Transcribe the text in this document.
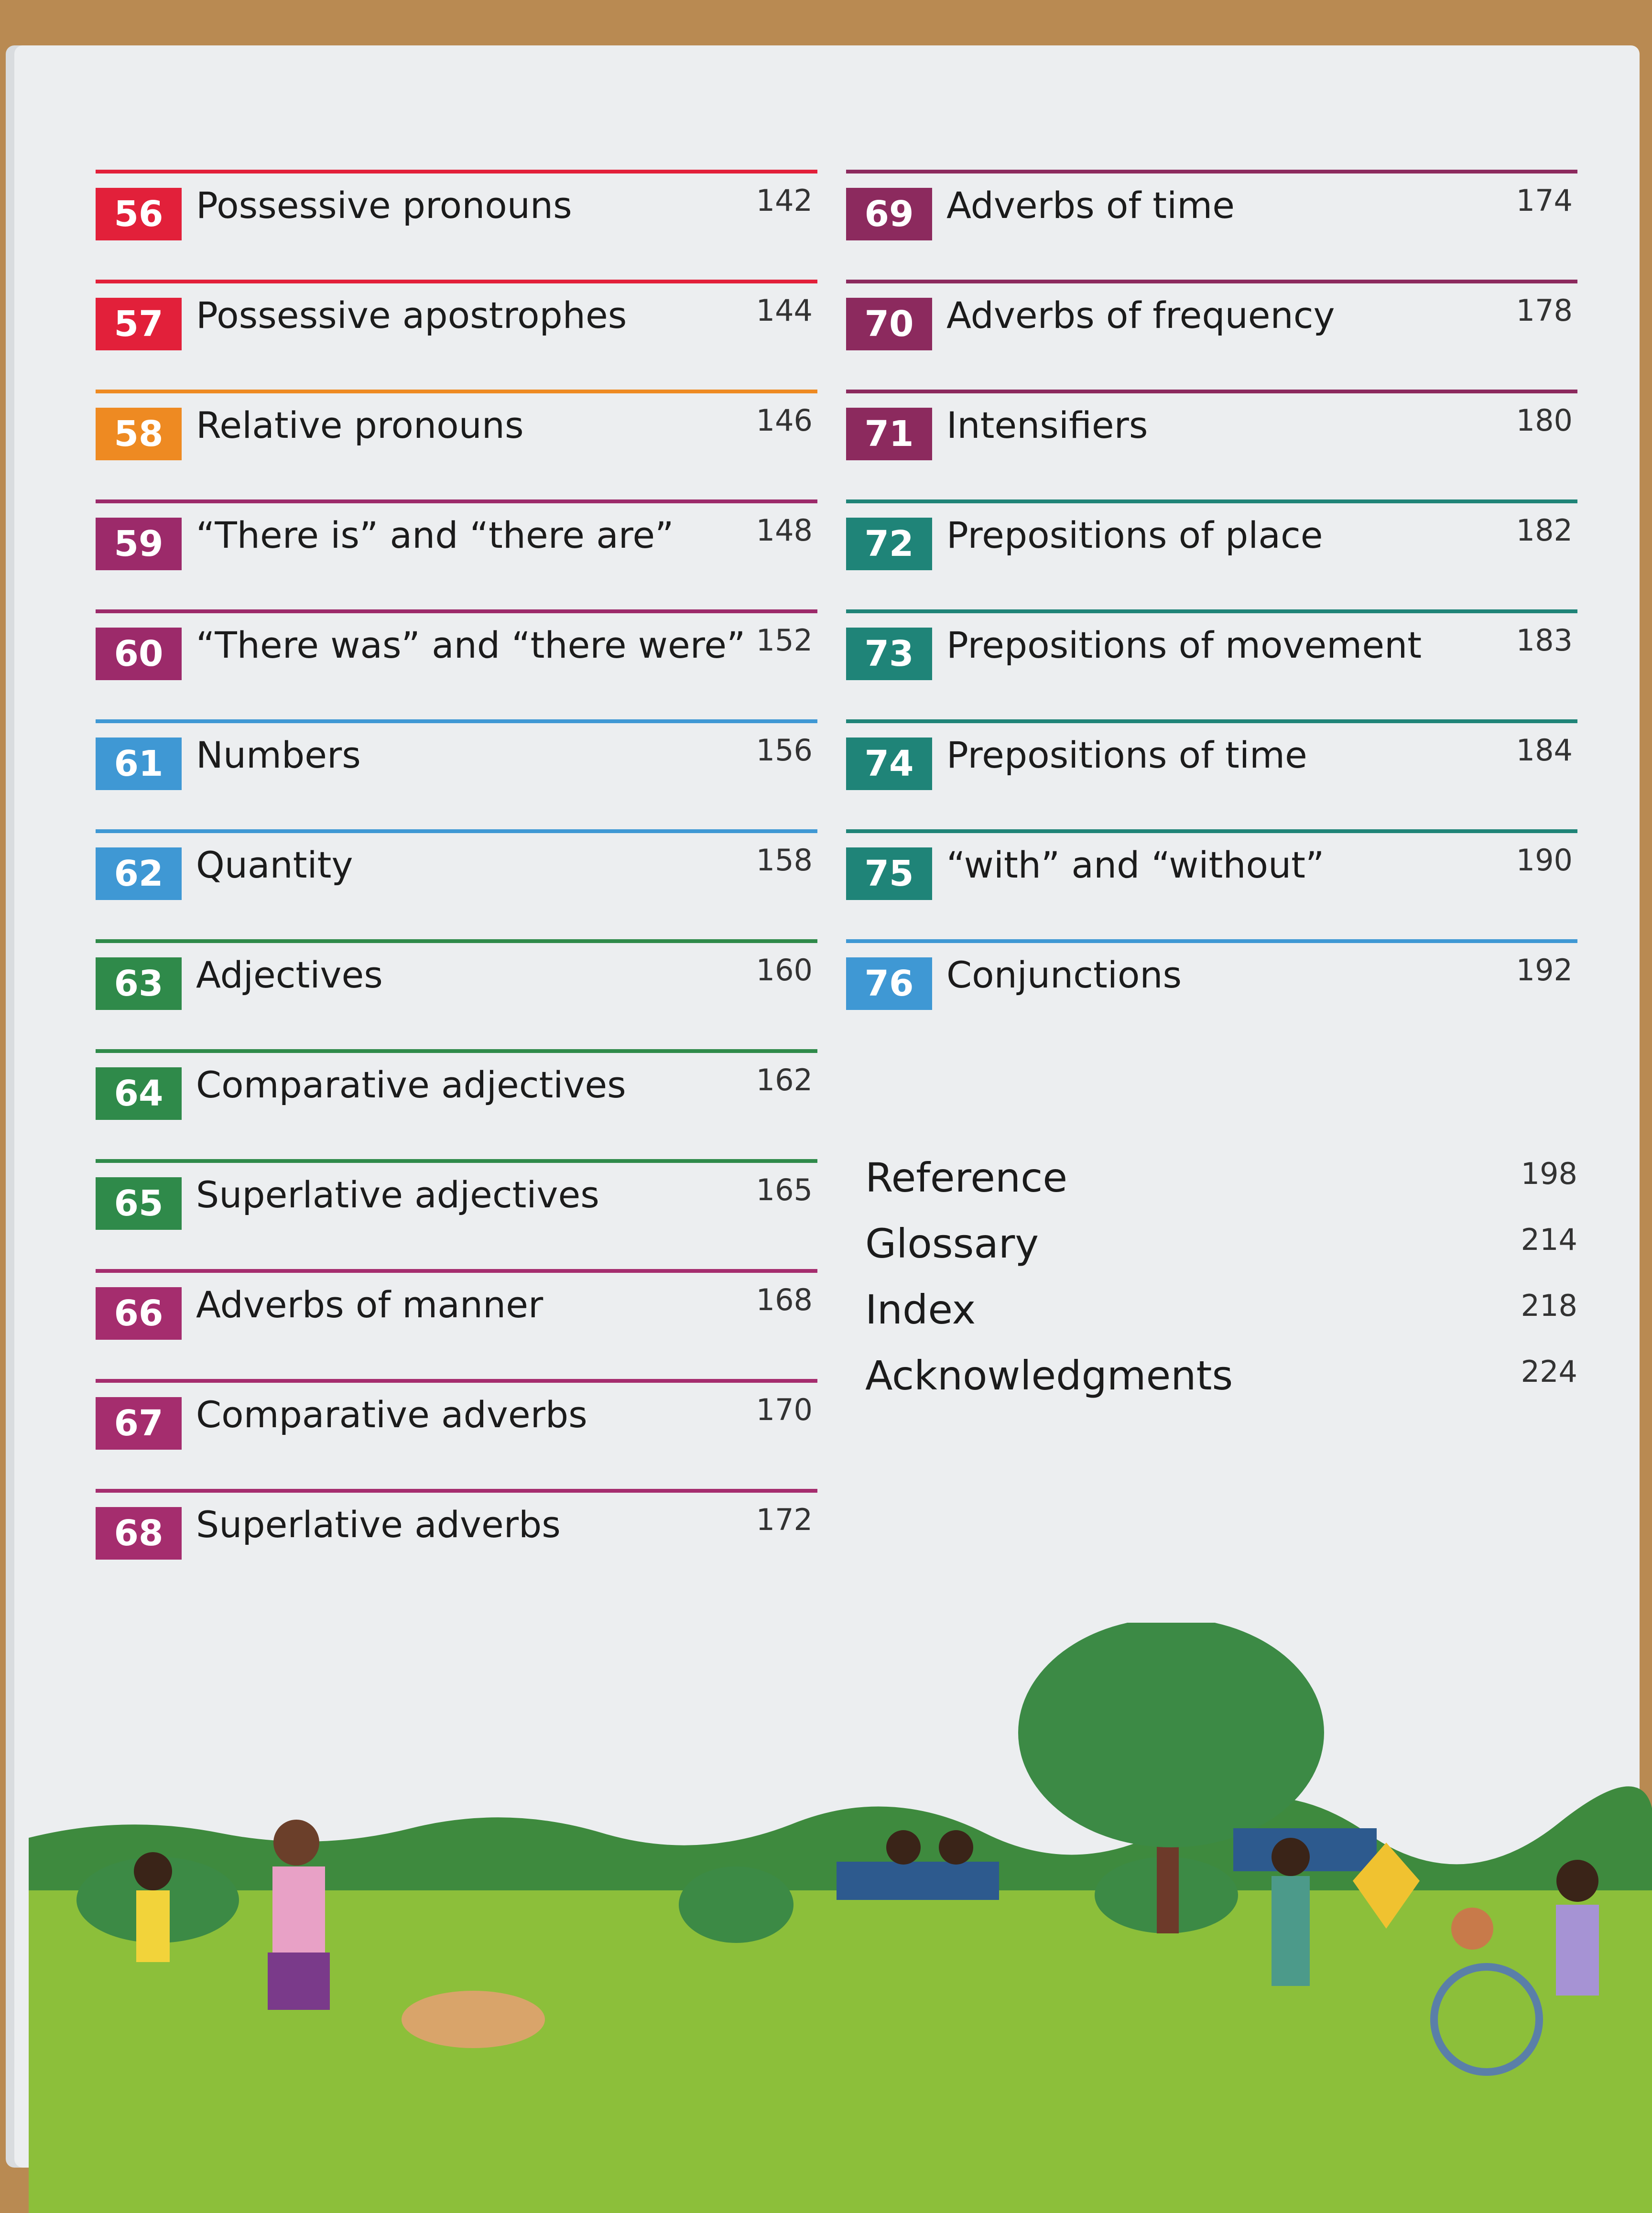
56 Possessive pronouns	142
57 Possessive apostrophes	144
58 Relative pronouns	146
59 “There is” and “there are”	148
60 “There was” and “there were” 152
61 Numbers	156
62 Quantity	158
63 Adjectives	160
64 Comparative adjectives	162
65 Superlative adjectives	165
66 Adverbs of manner	168
67 Comparative adverbs	170
68 Superlative adverbs	172
69 Adverbs of time	174
70 Adverbs of frequency	178
71 Intensifiers	180
72 Prepositions of place	182
73 Prepositions of movement	183
74 Prepositions of time	184
75 “with” and “without”	190
76 Conjunctions	192
Reference	198
Glossary	214
Index	218
Acknowledgments	224
